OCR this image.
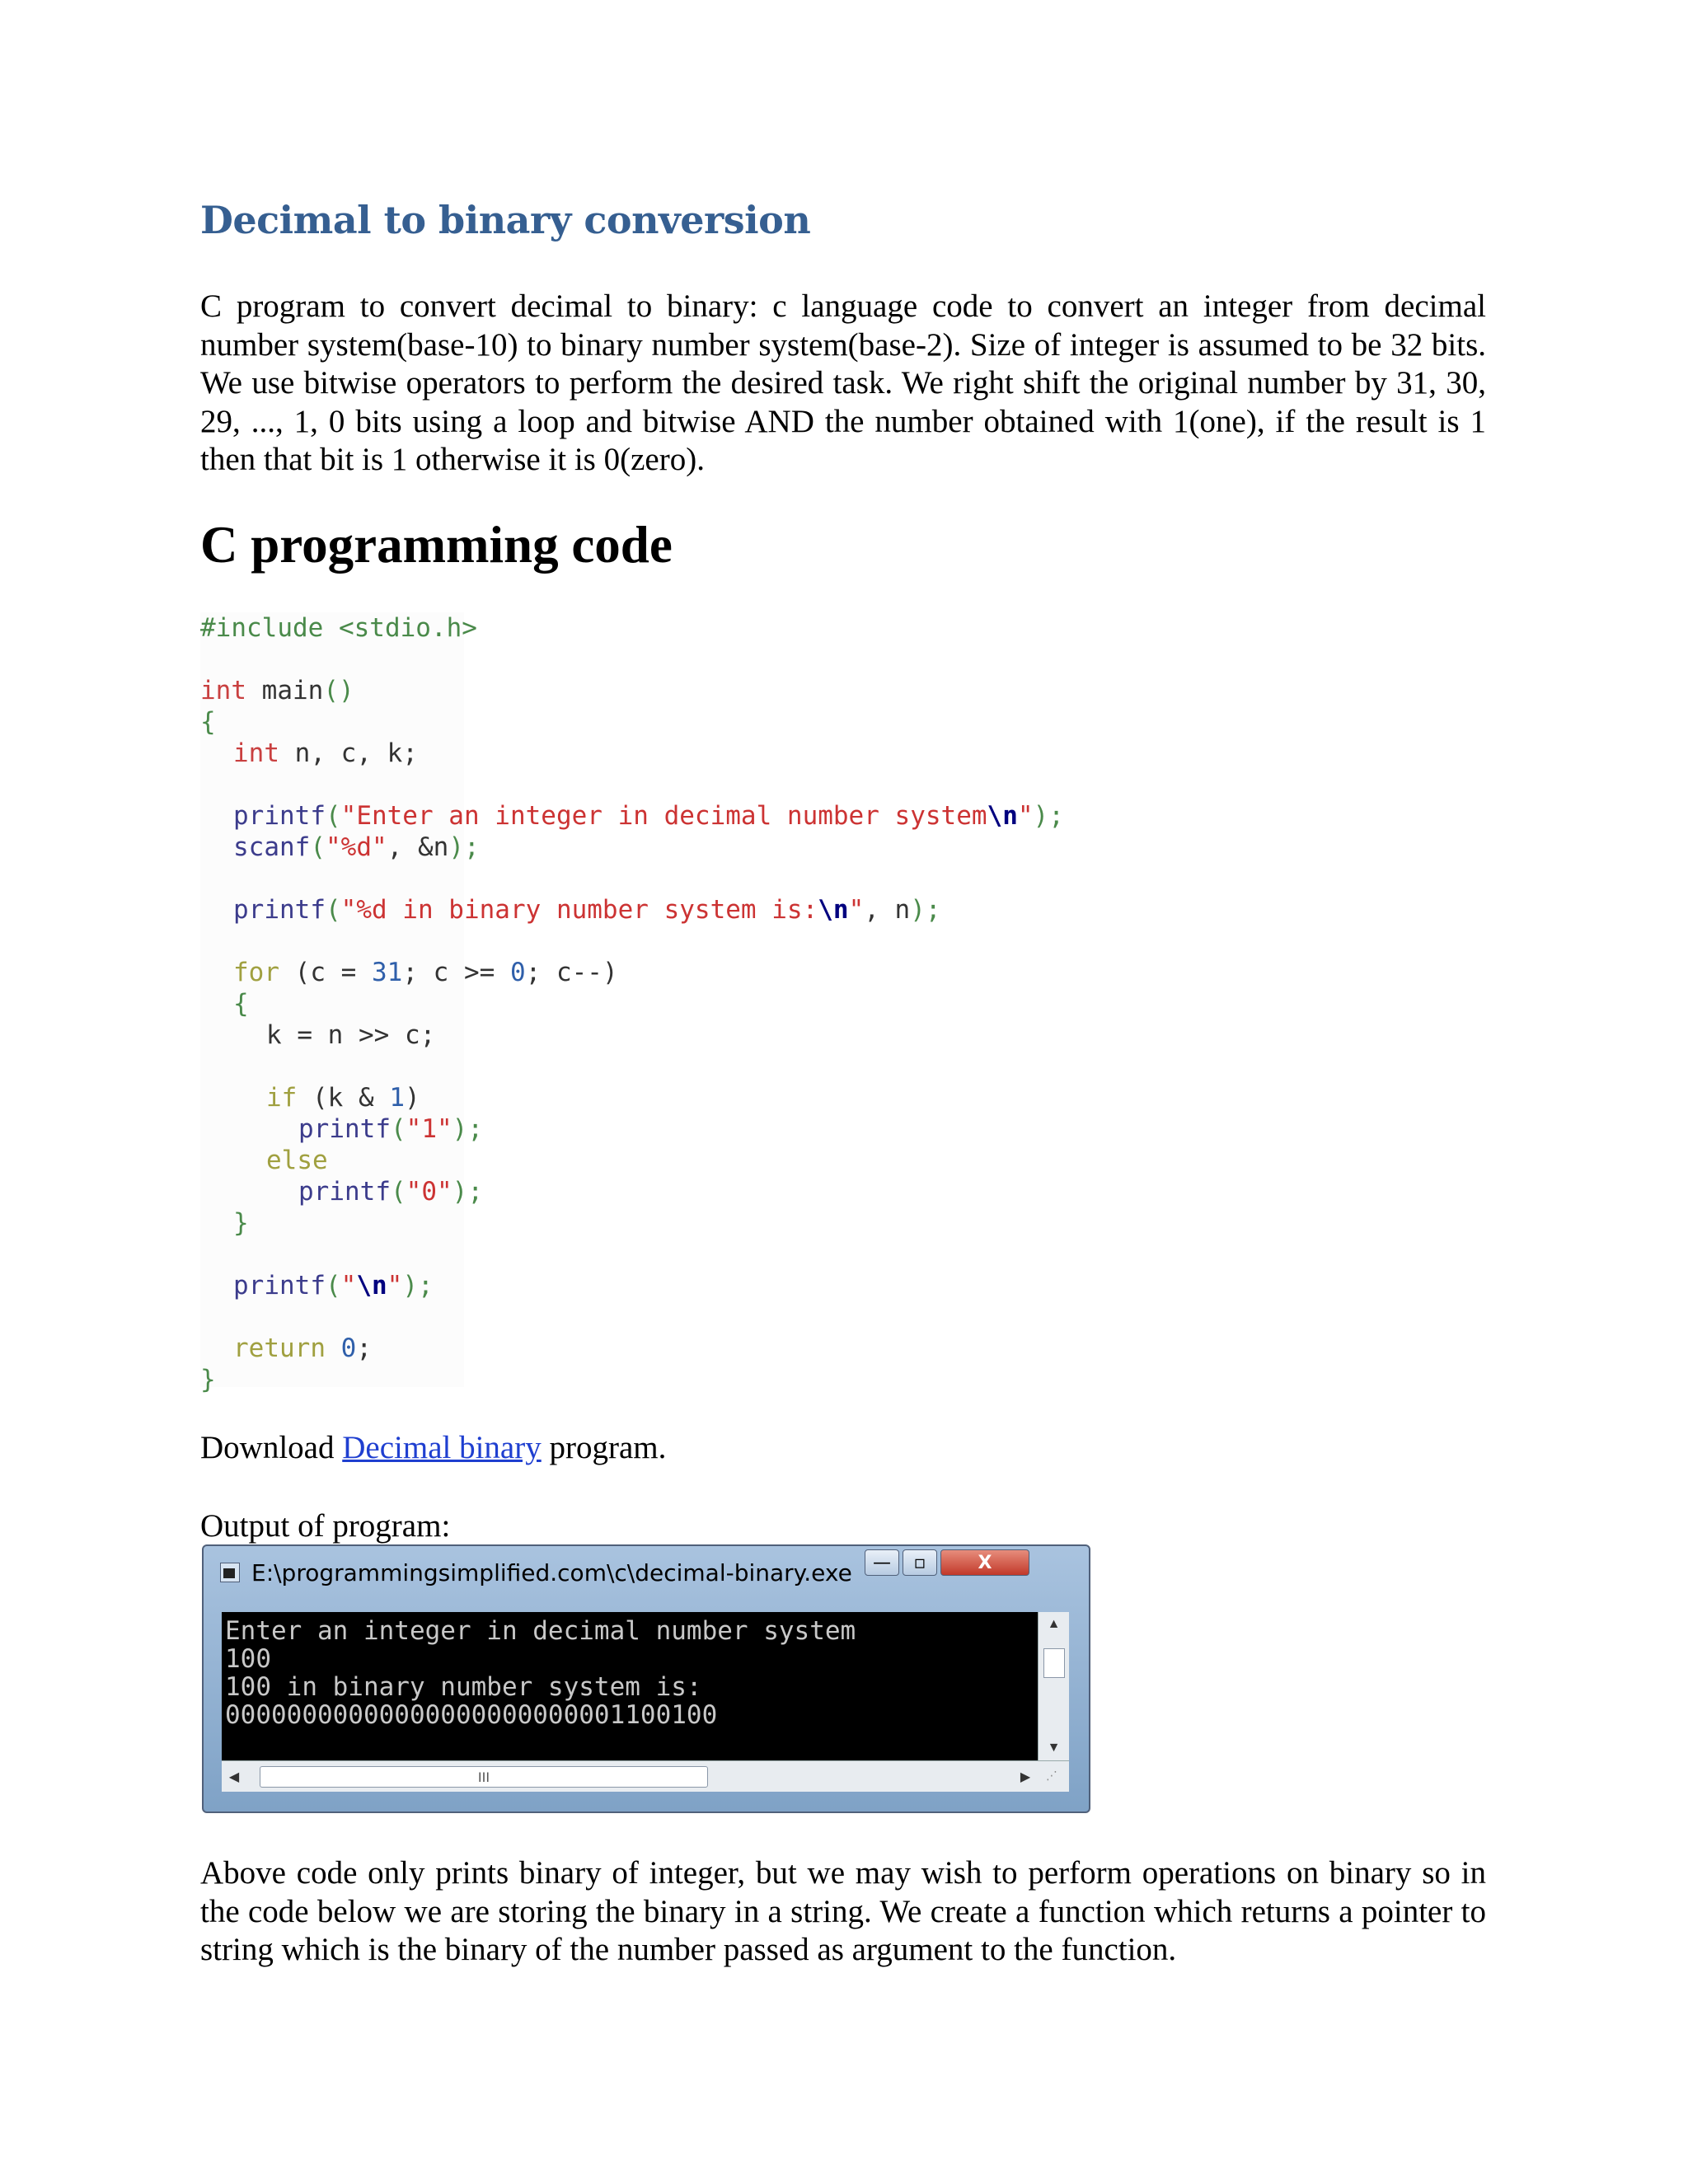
Decimal to binary conversion

C program to convert decimal to binary: c language code to convert an integer from decimal number system(base-10) to binary number system(base-2). Size of integer is assumed to be 32 bits. We use bitwise operators to perform the desired task. We right shift the original number by 31, 30, 29, ..., 1, 0 bits using a loop and bitwise AND the number obtained with 1(one), if the result is 1 then that bit is 1 otherwise it is 0(zero).

C programming code
#include <stdio.h>
int main()
{
int n, c, k;
printf("Enter an integer in decimal number system\n");
scanf("%d", &n);
printf("%d in binary number system is:\n", n);
for (c = 31; c >= 0; c--)
{
k = n >> c;
if (k & 1)
printf("1");
else
printf("0");
}
printf("\n");
return 0;
}
Download Decimal binary program.
Output of program:
E:\programmingsimplified.com\c\decimal-binary.exe — ▫	X
Enter an integer in decimal number system
100
100 in binary number system is:
00000000000000000000000001100100
▲
▼
◀	III	▶	⋰

Above code only prints binary of integer, but we may wish to perform operations on binary so in the code below we are storing the binary in a string. We create a function which returns a pointer to string which is the binary of the number passed as argument to the function.
